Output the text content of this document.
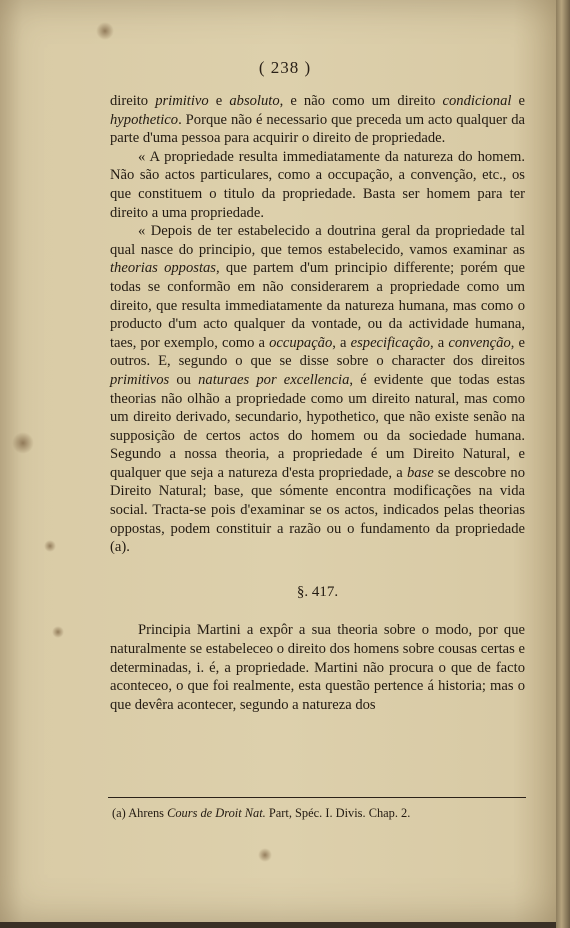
( 238 )

direito primitivo e absoluto, e não como um direito condicional e hypothetico. Porque não é necessario que preceda um acto qualquer da parte d'uma pessoa para acquirir o direito de propriedade.

« A propriedade resulta immediatamente da natureza do homem. Não são actos particulares, como a occupação, a convenção, etc., os que constituem o titulo da propriedade. Basta ser homem para ter direito a uma propriedade.

« Depois de ter estabelecido a doutrina geral da propriedade tal qual nasce do principio, que temos estabelecido, vamos examinar as theorias oppostas, que partem d'um principio differente; porém que todas se conformão em não considerarem a propriedade como um direito, que resulta immediatamente da natureza humana, mas como o producto d'um acto qualquer da vontade, ou da actividade humana, taes, por exemplo, como a occupação, a especificação, a convenção, e outros. E, segundo o que se disse sobre o character dos direitos primitivos ou naturaes por excellencia, é evidente que todas estas theorias não olhão a propriedade como um direito natural, mas como um direito derivado, secundario, hypothetico, que não existe senão na supposição de certos actos do homem ou da sociedade humana. Segundo a nossa theoria, a propriedade é um Direito Natural, e qualquer que seja a natureza d'esta propriedade, a base se descobre no Direito Natural; base, que sómente encontra modificações na vida social. Tracta-se pois d'examinar se os actos, indicados pelas theorias oppostas, podem constituir a razão ou o fundamento da propriedade (a).

§. 417.

Principia Martini a expôr a sua theoria sobre o modo, por que naturalmente se estabeleceo o direito dos homens sobre cousas certas e determinadas, i. é, a propriedade. Martini não procura o que de facto aconteceo, o que foi realmente, esta questão pertence á historia; mas o que devêra acontecer, segundo a natureza dos

(a) Ahrens Cours de Droit Nat. Part, Spéc. I. Divis. Chap. 2.
